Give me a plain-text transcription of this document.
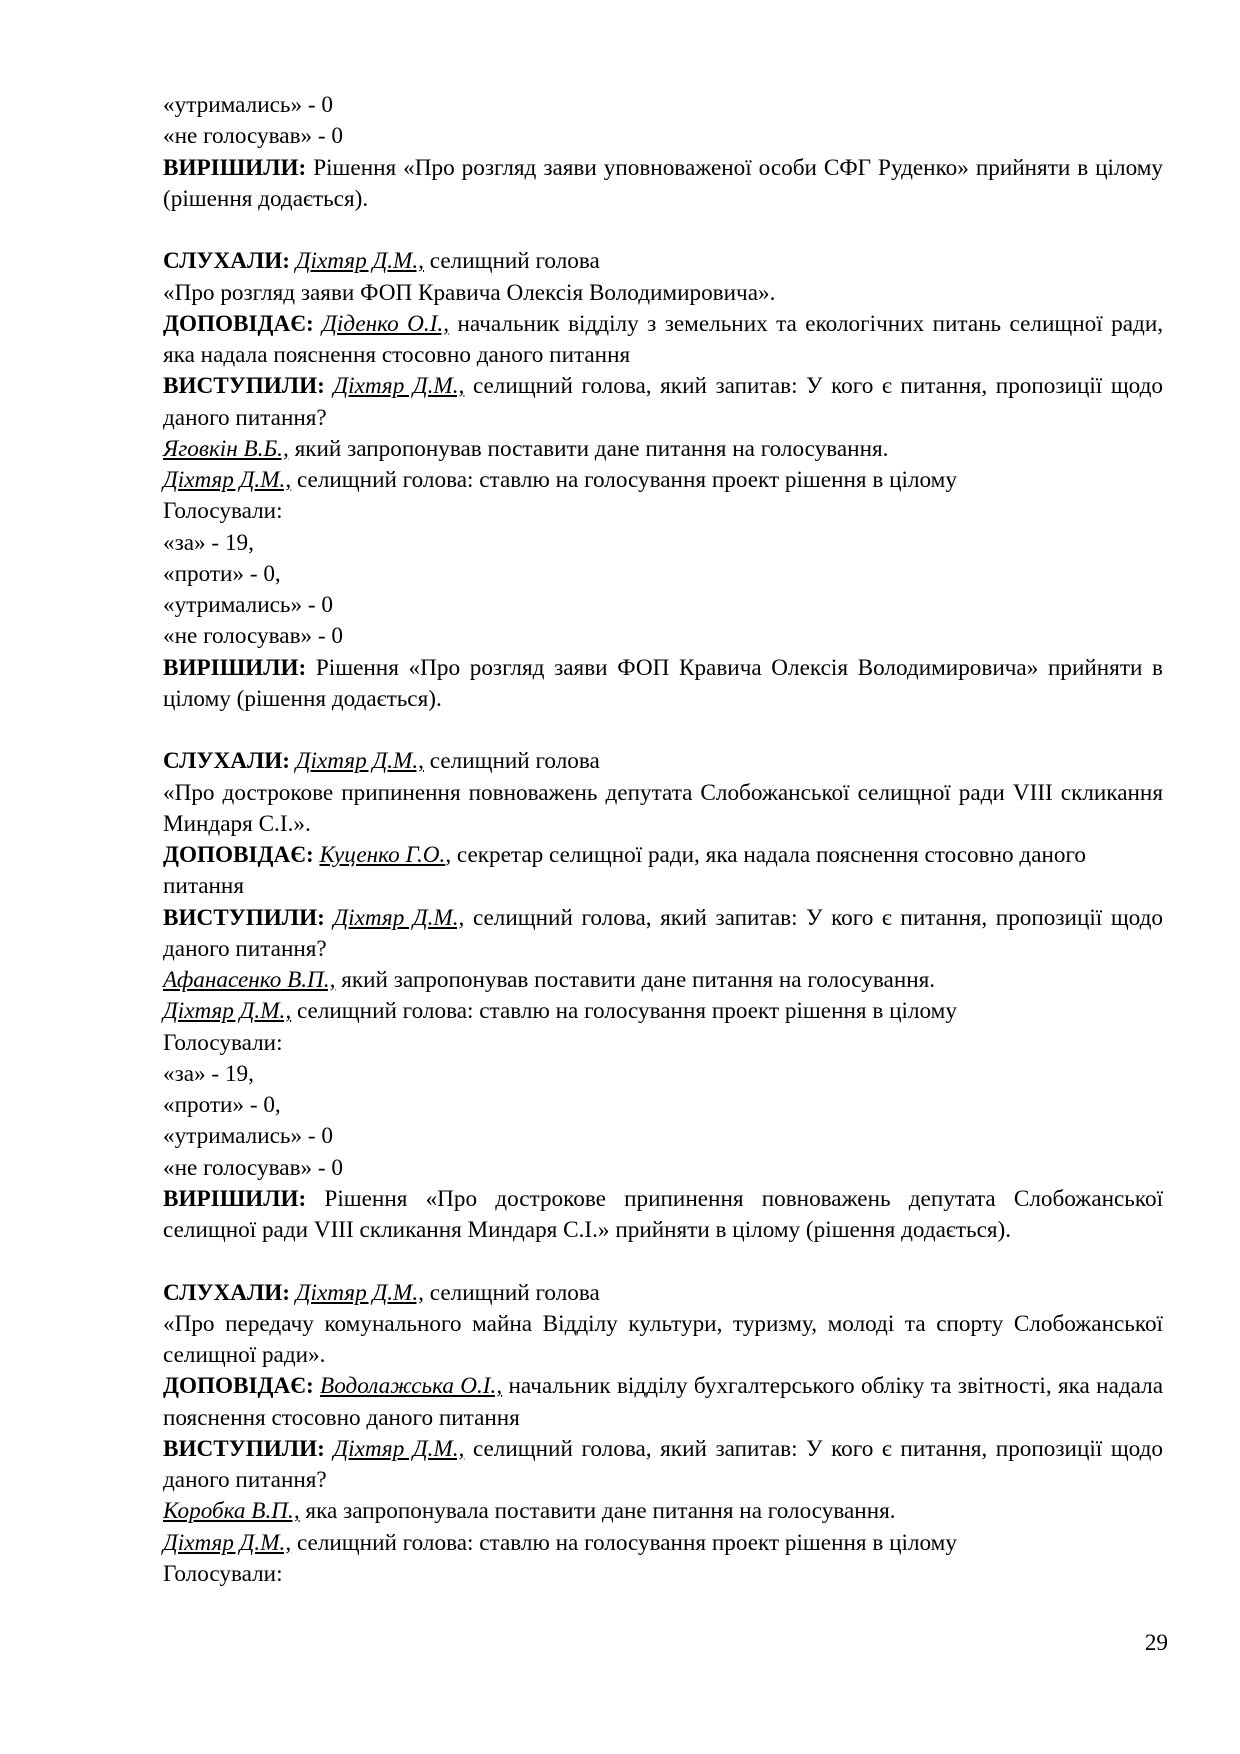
«утримались» - 0
«не голосував» - 0
ВИРІШИЛИ: Рішення «Про розгляд заяви уповноваженої особи СФГ Руденко» прийняти в цілому (рішення додається).
СЛУХАЛИ: Діхтяр Д.М., селищний голова
«Про розгляд заяви ФОП Кравича Олексія Володимировича».
ДОПОВІДАЄ: Діденко О.І., начальник відділу з земельних та екологічних питань селищної ради, яка надала пояснення стосовно даного питання
ВИСТУПИЛИ: Діхтяр Д.М., селищний голова, який запитав: У кого є питання, пропозиції щодо даного питання?
Яговкін В.Б., який запропонував поставити дане питання на голосування.
Діхтяр Д.М., селищний голова: ставлю на голосування проект рішення в цілому
Голосували:
«за» - 19,
«проти» - 0,
«утримались» - 0
«не голосував» - 0
ВИРІШИЛИ: Рішення «Про розгляд заяви ФОП Кравича Олексія Володимировича» прийняти в цілому (рішення додається).
СЛУХАЛИ: Діхтяр Д.М., селищний голова
«Про дострокове припинення повноважень депутата Слобожанської селищної ради VIII скликання Миндаря С.І.».
ДОПОВІДАЄ: Куценко Г.О., секретар селищної ради, яка надала пояснення стосовно даного питання
ВИСТУПИЛИ: Діхтяр Д.М., селищний голова, який запитав: У кого є питання, пропозиції щодо даного питання?
Афанасенко В.П., який запропонував поставити дане питання на голосування.
Діхтяр Д.М., селищний голова: ставлю на голосування проект рішення в цілому
Голосували:
«за» - 19,
«проти» - 0,
«утримались» - 0
«не голосував» - 0
ВИРІШИЛИ: Рішення «Про дострокове припинення повноважень депутата Слобожанської селищної ради VIII скликання Миндаря С.І.» прийняти в цілому (рішення додається).
СЛУХАЛИ: Діхтяр Д.М., селищний голова
«Про передачу комунального майна Відділу культури, туризму, молоді та спорту Слобожанської селищної ради».
ДОПОВІДАЄ: Водолажська О.І., начальник відділу бухгалтерського обліку та звітності, яка надала пояснення стосовно даного питання
ВИСТУПИЛИ: Діхтяр Д.М., селищний голова, який запитав: У кого є питання, пропозиції щодо даного питання?
Коробка В.П., яка запропонувала поставити дане питання на голосування.
Діхтяр Д.М., селищний голова: ставлю на голосування проект рішення в цілому
Голосували:
29
